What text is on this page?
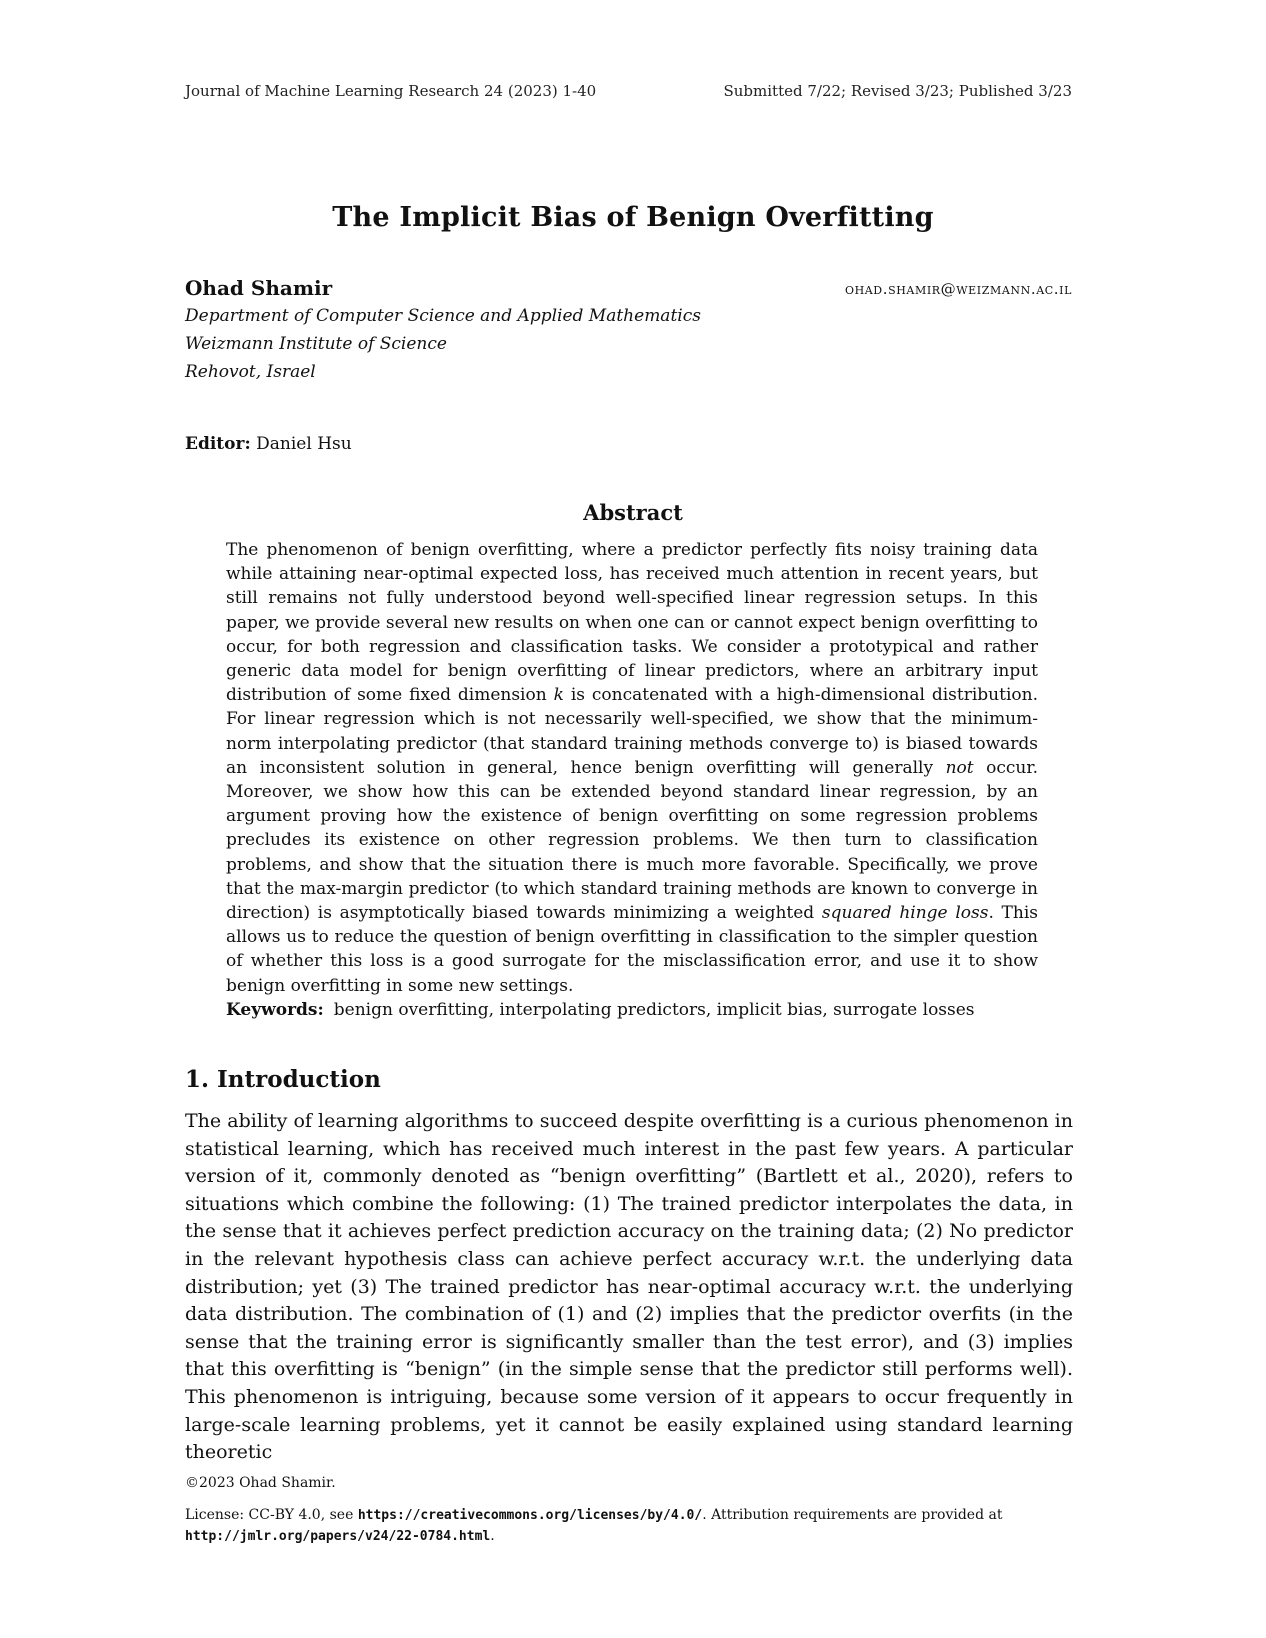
Journal of Machine Learning Research 24 (2023) 1-40	Submitted 7/22; Revised 3/23; Published 3/23
The Implicit Bias of Benign Overfitting
Ohad Shamir	ohad.shamir@weizmann.ac.il
Department of Computer Science and Applied Mathematics
Weizmann Institute of Science
Rehovot, Israel
Editor: Daniel Hsu
Abstract

The phenomenon of benign overfitting, where a predictor perfectly fits noisy training data while attaining near-optimal expected loss, has received much attention in recent years, but still remains not fully understood beyond well-specified linear regression setups. In this paper, we provide several new results on when one can or cannot expect benign overfitting to occur, for both regression and classification tasks. We consider a prototypical and rather generic data model for benign overfitting of linear predictors, where an arbitrary input distribution of some fixed dimension k is concatenated with a high-dimensional distribution. For linear regression which is not necessarily well-specified, we show that the minimum-norm interpolating predictor (that standard training methods converge to) is biased towards an inconsistent solution in general, hence benign overfitting will generally not occur. Moreover, we show how this can be extended beyond standard linear regression, by an argument proving how the existence of benign overfitting on some regression problems precludes its existence on other regression problems. We then turn to classification problems, and show that the situation there is much more favorable. Specifically, we prove that the max-margin predictor (to which standard training methods are known to converge in direction) is asymptotically biased towards minimizing a weighted squared hinge loss. This allows us to reduce the question of benign overfitting in classification to the simpler question of whether this loss is a good surrogate for the misclassification error, and use it to show benign overfitting in some new settings.

Keywords: benign overfitting, interpolating predictors, implicit bias, surrogate losses

1. Introduction

The ability of learning algorithms to succeed despite overfitting is a curious phenomenon in statistical learning, which has received much interest in the past few years. A particular version of it, commonly denoted as “benign overfitting” (Bartlett et al., 2020), refers to situations which combine the following: (1) The trained predictor interpolates the data, in the sense that it achieves perfect prediction accuracy on the training data; (2) No predictor in the relevant hypothesis class can achieve perfect accuracy w.r.t. the underlying data distribution; yet (3) The trained predictor has near-optimal accuracy w.r.t. the underlying data distribution. The combination of (1) and (2) implies that the predictor overfits (in the sense that the training error is significantly smaller than the test error), and (3) implies that this overfitting is “benign” (in the simple sense that the predictor still performs well). This phenomenon is intriguing, because some version of it appears to occur frequently in large-scale learning problems, yet it cannot be easily explained using standard learning theoretic

©2023 Ohad Shamir.
License: CC-BY 4.0, see https://creativecommons.org/licenses/by/4.0/. Attribution requirements are provided at http://jmlr.org/papers/v24/22-0784.html.
